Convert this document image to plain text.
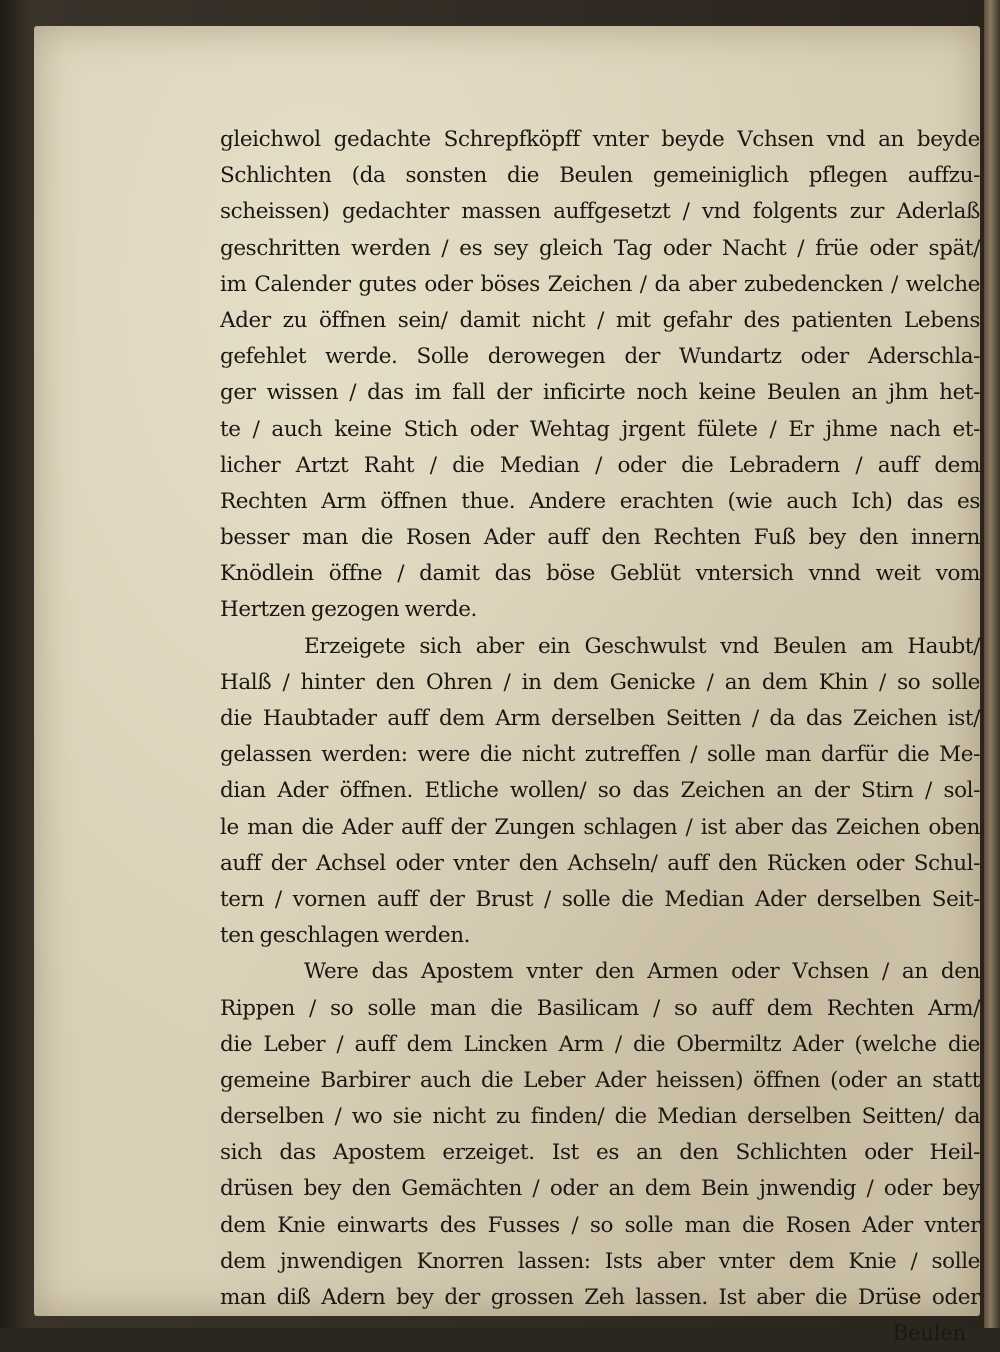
gleichwol gedachte Schrepfköpff vnter beyde Vchsen vnd an beyde
Schlichten (da sonsten die Beulen gemeiniglich pflegen auffzu-
scheissen) gedachter massen auffgesetzt / vnd folgents zur Aderlaß
geschritten werden / es sey gleich Tag oder Nacht / früe oder spät/
im Calender gutes oder böses Zeichen / da aber zubedencken / welche
Ader zu öffnen sein/ damit nicht / mit gefahr des patienten Lebens
gefehlet werde. Solle derowegen der Wundartz oder Aderschla-
ger wissen / das im fall der inficirte noch keine Beulen an jhm het-
te / auch keine Stich oder Wehtag jrgent fülete / Er jhme nach et-
licher Artzt Raht / die Median / oder die Lebradern / auff dem
Rechten Arm öffnen thue. Andere erachten (wie auch Ich) das es
besser man die Rosen Ader auff den Rechten Fuß bey den innern
Knödlein öffne / damit das böse Geblüt vntersich vnnd weit vom
Hertzen gezogen werde.
Erzeigete sich aber ein Geschwulst vnd Beulen am Haubt/
Halß / hinter den Ohren / in dem Genicke / an dem Khin / so solle
die Haubtader auff dem Arm derselben Seitten / da das Zeichen ist/
gelassen werden: were die nicht zutreffen / solle man darfür die Me-
dian Ader öffnen. Etliche wollen/ so das Zeichen an der Stirn / sol-
le man die Ader auff der Zungen schlagen / ist aber das Zeichen oben
auff der Achsel oder vnter den Achseln/ auff den Rücken oder Schul-
tern / vornen auff der Brust / solle die Median Ader derselben Seit-
ten geschlagen werden.
Were das Apostem vnter den Armen oder Vchsen / an den
Rippen / so solle man die Basilicam / so auff dem Rechten Arm/
die Leber / auff dem Lincken Arm / die Obermiltz Ader (welche die
gemeine Barbirer auch die Leber Ader heissen) öffnen (oder an statt
derselben / wo sie nicht zu finden/ die Median derselben Seitten/ da
sich das Apostem erzeiget. Ist es an den Schlichten oder Heil-
drüsen bey den Gemächten / oder an dem Bein jnwendig / oder bey
dem Knie einwarts des Fusses / so solle man die Rosen Ader vnter
dem jnwendigen Knorren lassen: Ists aber vnter dem Knie / solle
man diß Adern bey der grossen Zeh lassen. Ist aber die Drüse oder
Beulen
